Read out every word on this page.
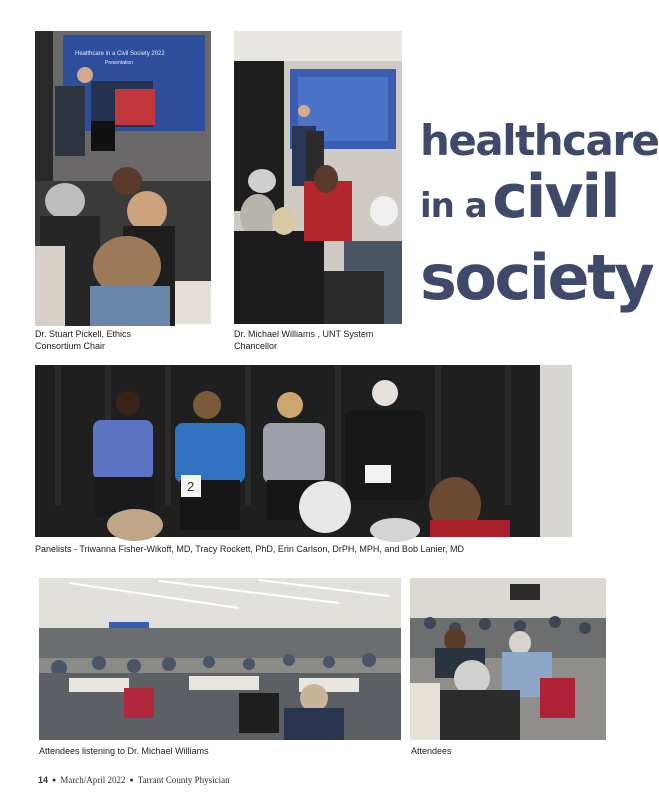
Healthcare in a Civil Society 2022
Presentation
healthcare
in a civil
society
Dr. Stuart Pickell, Ethics Consortium Chair
Dr. Michael Williams , UNT System Chancellor
2
Panelists - Triwanna Fisher-Wikoff, MD, Tracy Rockett, PhD, Erin Carlson, DrPH, MPH, and Bob Lanier, MD
Attendees listening to Dr. Michael Williams	Attendees
14 ● March/April 2022 ● Tarrant County Physician
